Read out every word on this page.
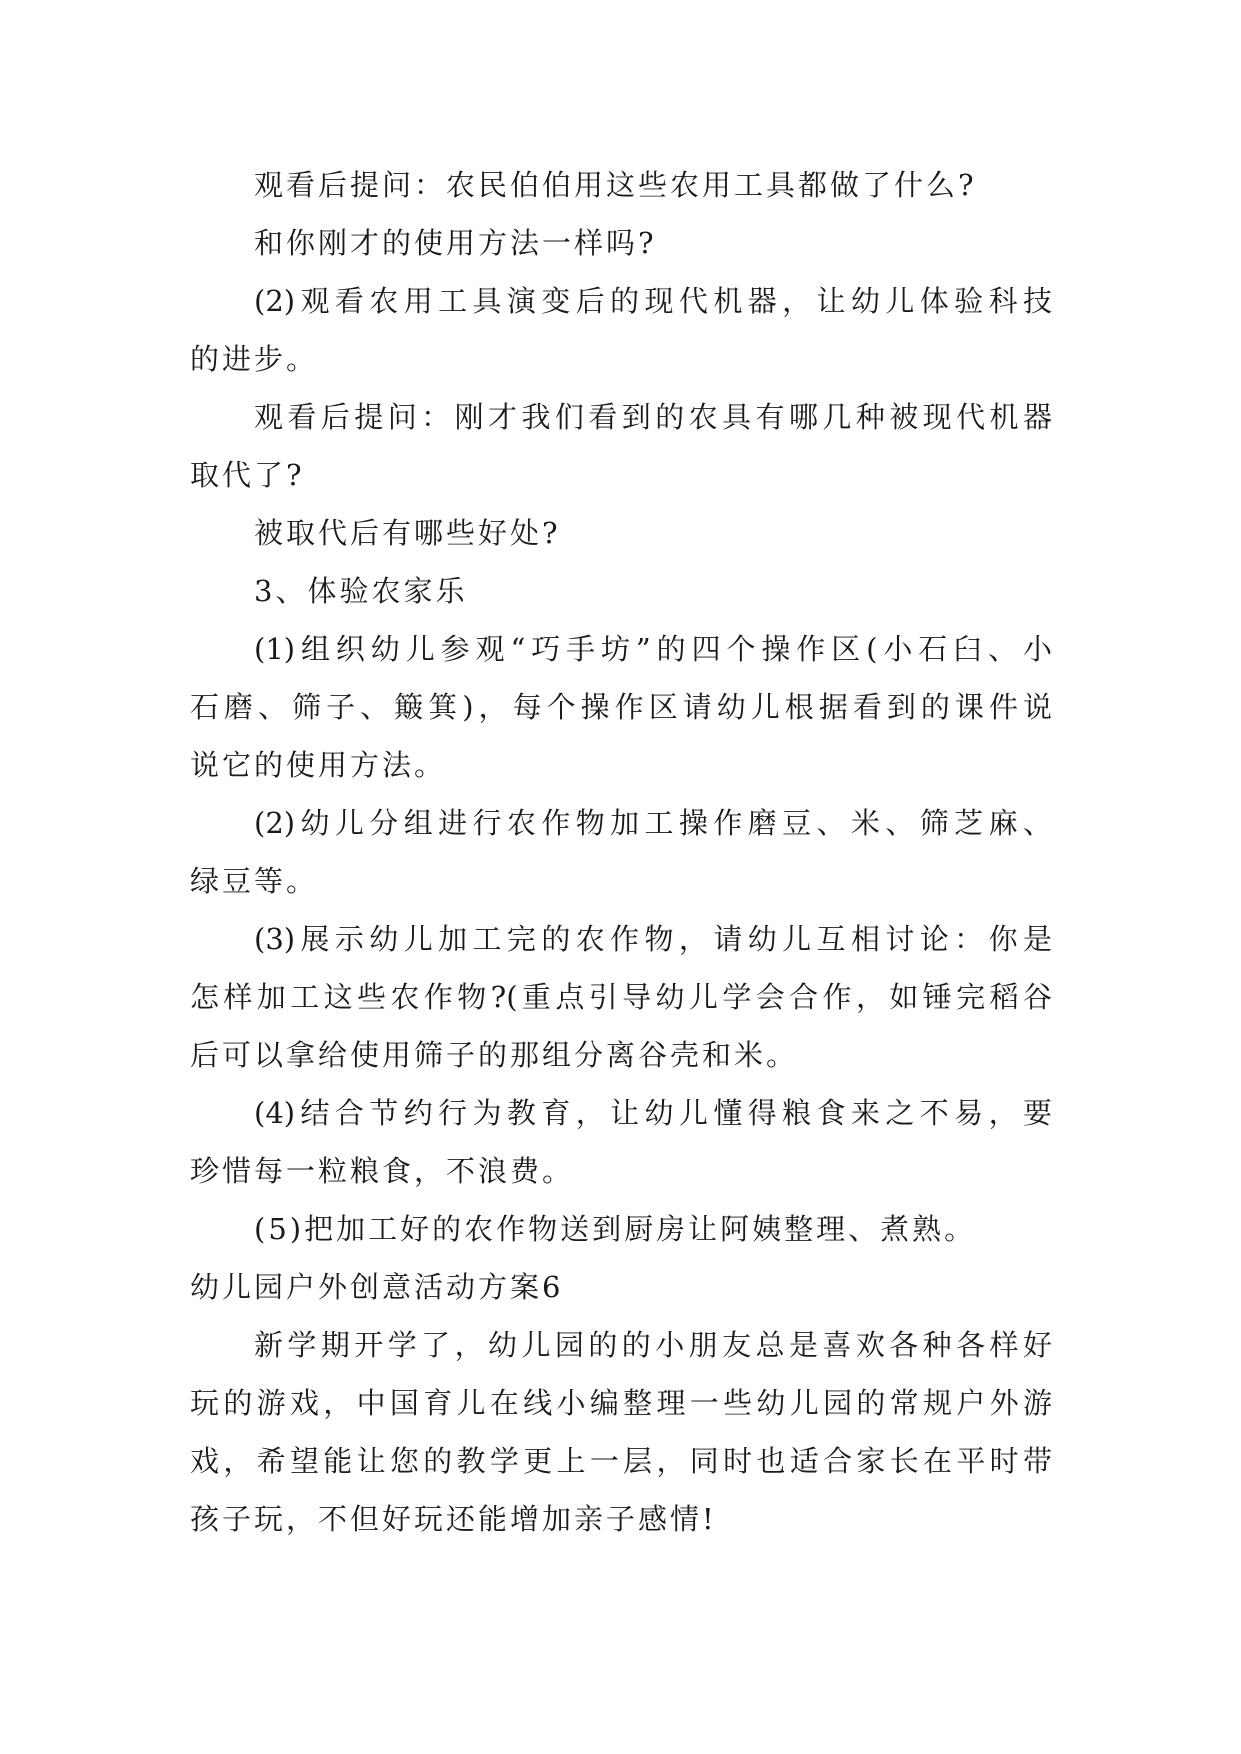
观看后提问：农民伯伯用这些农用工具都做了什么?
和你刚才的使用方法一样吗?
(2)观看农用工具演变后的现代机器，让幼儿体验科技
的进步。
观看后提问：刚才我们看到的农具有哪几种被现代机器
取代了?
被取代后有哪些好处?
3、体验农家乐
(1)组织幼儿参观“巧手坊”的四个操作区(小石臼、小
石磨、筛子、簸箕)，每个操作区请幼儿根据看到的课件说
说它的使用方法。
(2)幼儿分组进行农作物加工操作磨豆、米、筛芝麻、
绿豆等。
(3)展示幼儿加工完的农作物，请幼儿互相讨论：你是
怎样加工这些农作物?(重点引导幼儿学会合作，如锤完稻谷
后可以拿给使用筛子的那组分离谷壳和米。
(4)结合节约行为教育，让幼儿懂得粮食来之不易，要
珍惜每一粒粮食，不浪费。
(5)把加工好的农作物送到厨房让阿姨整理、煮熟。
幼儿园户外创意活动方案6
新学期开学了，幼儿园的的小朋友总是喜欢各种各样好
玩的游戏，中国育儿在线小编整理一些幼儿园的常规户外游
戏，希望能让您的教学更上一层，同时也适合家长在平时带
孩子玩，不但好玩还能增加亲子感情!
